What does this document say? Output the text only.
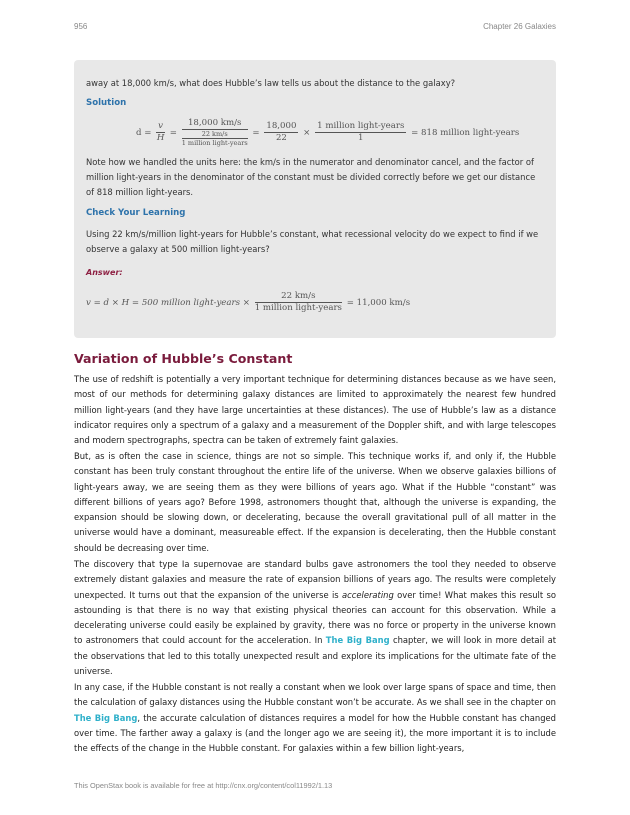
956	Chapter 26 Galaxies

away at 18,000 km/s, what does Hubble’s law tells us about the distance to the galaxy?

Solution
$d = \frac{v}{H} = 18,000$ km/s
22 km/s
1 million light-years = $\frac{18,000}{22} \times \frac{\text{1 million light-years}}{1} = 818$ million light-years

Note how we handled the units here: the km/s in the numerator and denominator cancel, and the factor of million light-years in the denominator of the constant must be divided correctly before we get our distance of 818 million light-years.

Check Your Learning

Using 22 km/s/million light-years for Hubble’s constant, what recessional velocity do we expect to find if we observe a galaxy at 500 million light-years?

Answer:
v = d × H = 500 million light-years × $\frac{22 km/s}{\text{1 million light-years}} = 11,000$ km/s
Variation of Hubble’s Constant

The use of redshift is potentially a very important technique for determining distances because as we have seen, most of our methods for determining galaxy distances are limited to approximately the nearest few hundred million light-years (and they have large uncertainties at these distances). The use of Hubble’s law as a distance indicator requires only a spectrum of a galaxy and a measurement of the Doppler shift, and with large telescopes and modern spectrographs, spectra can be taken of extremely faint galaxies.

But, as is often the case in science, things are not so simple. This technique works if, and only if, the Hubble constant has been truly constant throughout the entire life of the universe. When we observe galaxies billions of light-years away, we are seeing them as they were billions of years ago. What if the Hubble “constant” was different billions of years ago? Before 1998, astronomers thought that, although the universe is expanding, the expansion should be slowing down, or decelerating, because the overall gravitational pull of all matter in the universe would have a dominant, measureable effect. If the expansion is decelerating, then the Hubble constant should be decreasing over time.

The discovery that type Ia supernovae are standard bulbs gave astronomers the tool they needed to observe extremely distant galaxies and measure the rate of expansion billions of years ago. The results were completely unexpected. It turns out that the expansion of the universe is accelerating over time! What makes this result so astounding is that there is no way that existing physical theories can account for this observation. While a decelerating universe could easily be explained by gravity, there was no force or property in the universe known to astronomers that could account for the acceleration. In The Big Bang chapter, we will look in more detail at the observations that led to this totally unexpected result and explore its implications for the ultimate fate of the universe.

In any case, if the Hubble constant is not really a constant when we look over large spans of space and time, then the calculation of galaxy distances using the Hubble constant won’t be accurate. As we shall see in the chapter on The Big Bang, the accurate calculation of distances requires a model for how the Hubble constant has changed over time. The farther away a galaxy is (and the longer ago we are seeing it), the more important it is to include the effects of the change in the Hubble constant. For galaxies within a few billion light-years,

This OpenStax book is available for free at http://cnx.org/content/col11992/1.13
